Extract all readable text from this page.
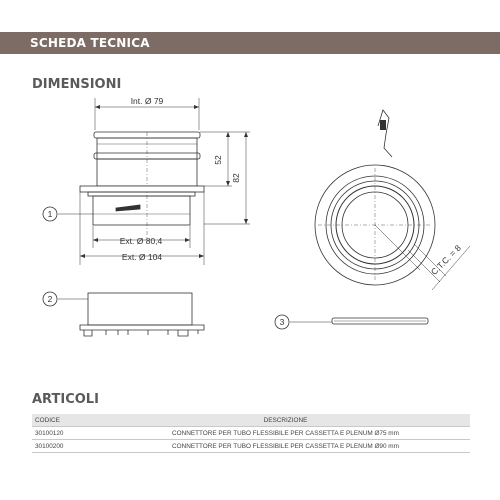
SCHEDA TECNICA
DIMENSIONI
1
2
3
Int. Ø 79
Ext. Ø 80,4
Ext. Ø 104
52
82
C.T.C. = 8
ARTICOLI
CODICE	DESCRIZIONE
30100120	CONNETTORE PER TUBO FLESSIBILE PER CASSETTA E PLENUM Ø75 mm
30100200	CONNETTORE PER TUBO FLESSIBILE PER CASSETTA E PLENUM Ø90 mm
